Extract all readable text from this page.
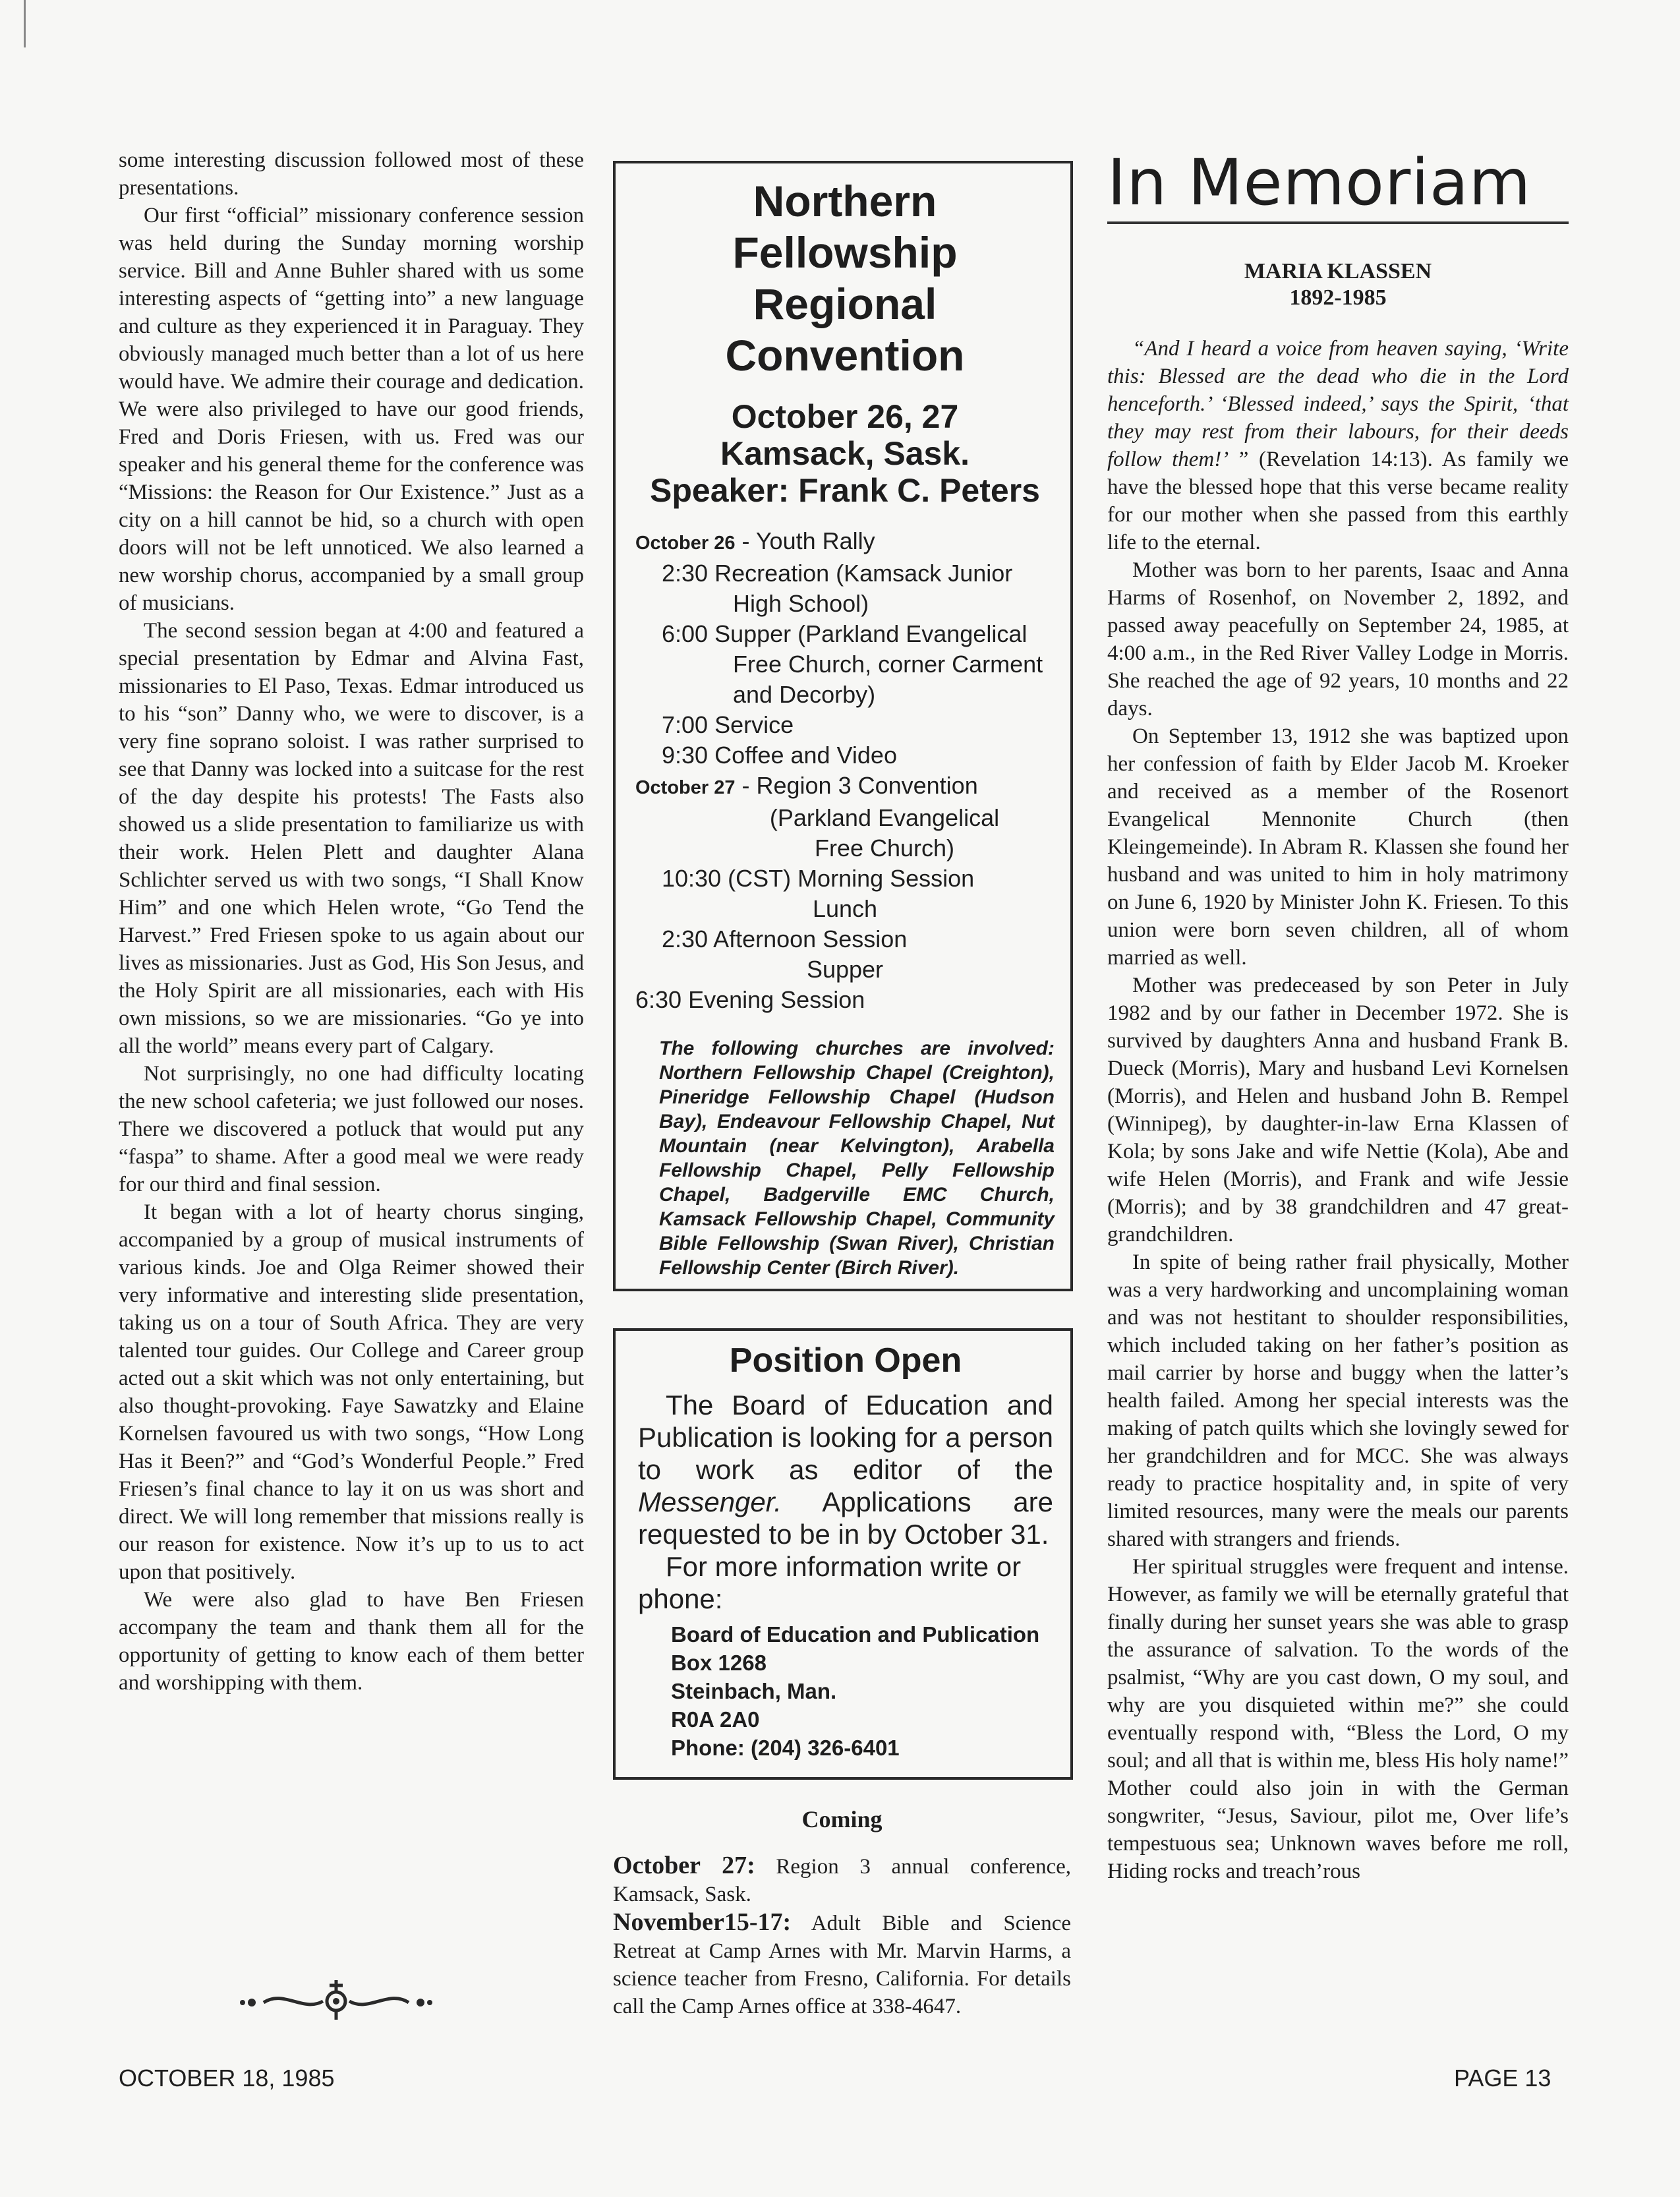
some interesting discussion followed most of these presentations.

Our first “official” missionary conference session was held during the Sunday morning worship service. Bill and Anne Buhler shared with us some interesting aspects of “getting into” a new language and culture as they experienced it in Paraguay. They obviously managed much better than a lot of us here would have. We admire their courage and dedication. We were also privileged to have our good friends, Fred and Doris Friesen, with us. Fred was our speaker and his general theme for the conference was “Missions: the Reason for Our Existence.” Just as a city on a hill cannot be hid, so a church with open doors will not be left unnoticed. We also learned a new worship chorus, accompanied by a small group of musicians.

The second session began at 4:00 and featured a special presentation by Edmar and Alvina Fast, missionaries to El Paso, Texas. Edmar introduced us to his “son” Danny who, we were to discover, is a very fine soprano soloist. I was rather surprised to see that Danny was locked into a suitcase for the rest of the day despite his protests! The Fasts also showed us a slide presentation to familiarize us with their work. Helen Plett and daughter Alana Schlichter served us with two songs, “I Shall Know Him” and one which Helen wrote, “Go Tend the Harvest.” Fred Friesen spoke to us again about our lives as missionaries. Just as God, His Son Jesus, and the Holy Spirit are all missionaries, each with His own missions, so we are missionaries. “Go ye into all the world” means every part of Calgary.

Not surprisingly, no one had difficulty locating the new school cafeteria; we just followed our noses. There we discovered a potluck that would put any “faspa” to shame. After a good meal we were ready for our third and final session.

It began with a lot of hearty chorus singing, accompanied by a group of musical instruments of various kinds. Joe and Olga Reimer showed their very informative and interesting slide presentation, taking us on a tour of South Africa. They are very talented tour guides. Our College and Career group acted out a skit which was not only entertaining, but also thought-provoking. Faye Sawatzky and Elaine Kornelsen favoured us with two songs, “How Long Has it Been?” and “God’s Wonderful People.” Fred Friesen’s final chance to lay it on us was short and direct. We will long remember that missions really is our reason for existence. Now it’s up to us to act upon that positively.

We were also glad to have Ben Friesen accompany the team and thank them all for the opportunity of getting to know each of them better and worshipping with them.

Northern
Fellowship
Regional
Convention
October 26, 27
Kamsack, Sask.
Speaker: Frank C. Peters
October 26 - Youth Rally
2:30 Recreation (Kamsack Junior
High School)
6:00 Supper (Parkland Evangelical
Free Church, corner Carment
and Decorby)
7:00 Service
9:30 Coffee and Video
October 27 - Region 3 Convention
(Parkland Evangelical
Free Church)
10:30 (CST) Morning Session
Lunch
2:30 Afternoon Session
Supper
6:30 Evening Session
The following churches are involved: Northern Fellowship Chapel (Creighton), Pineridge Fellowship Chapel (Hudson Bay), Endeavour Fellowship Chapel, Nut Mountain (near Kelvington), Arabella Fellowship Chapel, Pelly Fellowship Chapel, Badgerville EMC Church, Kamsack Fellowship Chapel, Community Bible Fellowship (Swan River), Christian Fellowship Center (Birch River).
Position Open

The Board of Education and Publication is looking for a person to work as editor of the Messenger. Applications are requested to be in by October 31.

For more information write or phone:

Board of Education and Publication
Box 1268
Steinbach, Man.
R0A 2A0
Phone: (204) 326-6401
Coming
October 27: Region 3 annual conference, Kamsack, Sask.
November15-17: Adult Bible and Science Retreat at Camp Arnes with Mr. Marvin Harms, a science teacher from Fresno, California. For details call the Camp Arnes office at 338-4647.
In Memoriam
MARIA KLASSEN
1892-1985

“And I heard a voice from heaven saying, ‘Write this: Blessed are the dead who die in the Lord henceforth.’ ‘Blessed indeed,’ says the Spirit, ‘that they may rest from their labours, for their deeds follow them!’ ” (Revelation 14:13). As family we have the blessed hope that this verse became reality for our mother when she passed from this earthly life to the eternal.

Mother was born to her parents, Isaac and Anna Harms of Rosenhof, on November 2, 1892, and passed away peacefully on September 24, 1985, at 4:00 a.m., in the Red River Valley Lodge in Morris. She reached the age of 92 years, 10 months and 22 days.

On September 13, 1912 she was baptized upon her confession of faith by Elder Jacob M. Kroeker and received as a member of the Rosenort Evangelical Mennonite Church (then Kleingemeinde). In Abram R. Klassen she found her husband and was united to him in holy matrimony on June 6, 1920 by Minister John K. Friesen. To this union were born seven children, all of whom married as well.

Mother was predeceased by son Peter in July 1982 and by our father in December 1972. She is survived by daughters Anna and husband Frank B. Dueck (Morris), Mary and husband Levi Kornelsen (Morris), and Helen and husband John B. Rempel (Winnipeg), by daughter-in-law Erna Klassen of Kola; by sons Jake and wife Nettie (Kola), Abe and wife Helen (Morris), and Frank and wife Jessie (Morris); and by 38 grandchildren and 47 great-grandchildren.

In spite of being rather frail physically, Mother was a very hardworking and uncomplaining woman and was not hestitant to shoulder responsibilities, which included taking on her father’s position as mail carrier by horse and buggy when the latter’s health failed. Among her special interests was the making of patch quilts which she lovingly sewed for her grandchildren and for MCC. She was always ready to practice hospitality and, in spite of very limited resources, many were the meals our parents shared with strangers and friends.

Her spiritual struggles were frequent and intense. However, as family we will be eternally grateful that finally during her sunset years she was able to grasp the assurance of salvation. To the words of the psalmist, “Why are you cast down, O my soul, and why are you disquieted within me?” she could eventually respond with, “Bless the Lord, O my soul; and all that is within me, bless His holy name!” Mother could also join in with the German songwriter, “Jesus, Saviour, pilot me, Over life’s tempestuous sea; Unknown waves before me roll, Hiding rocks and treach’rous

OCTOBER 18, 1985	PAGE 13
